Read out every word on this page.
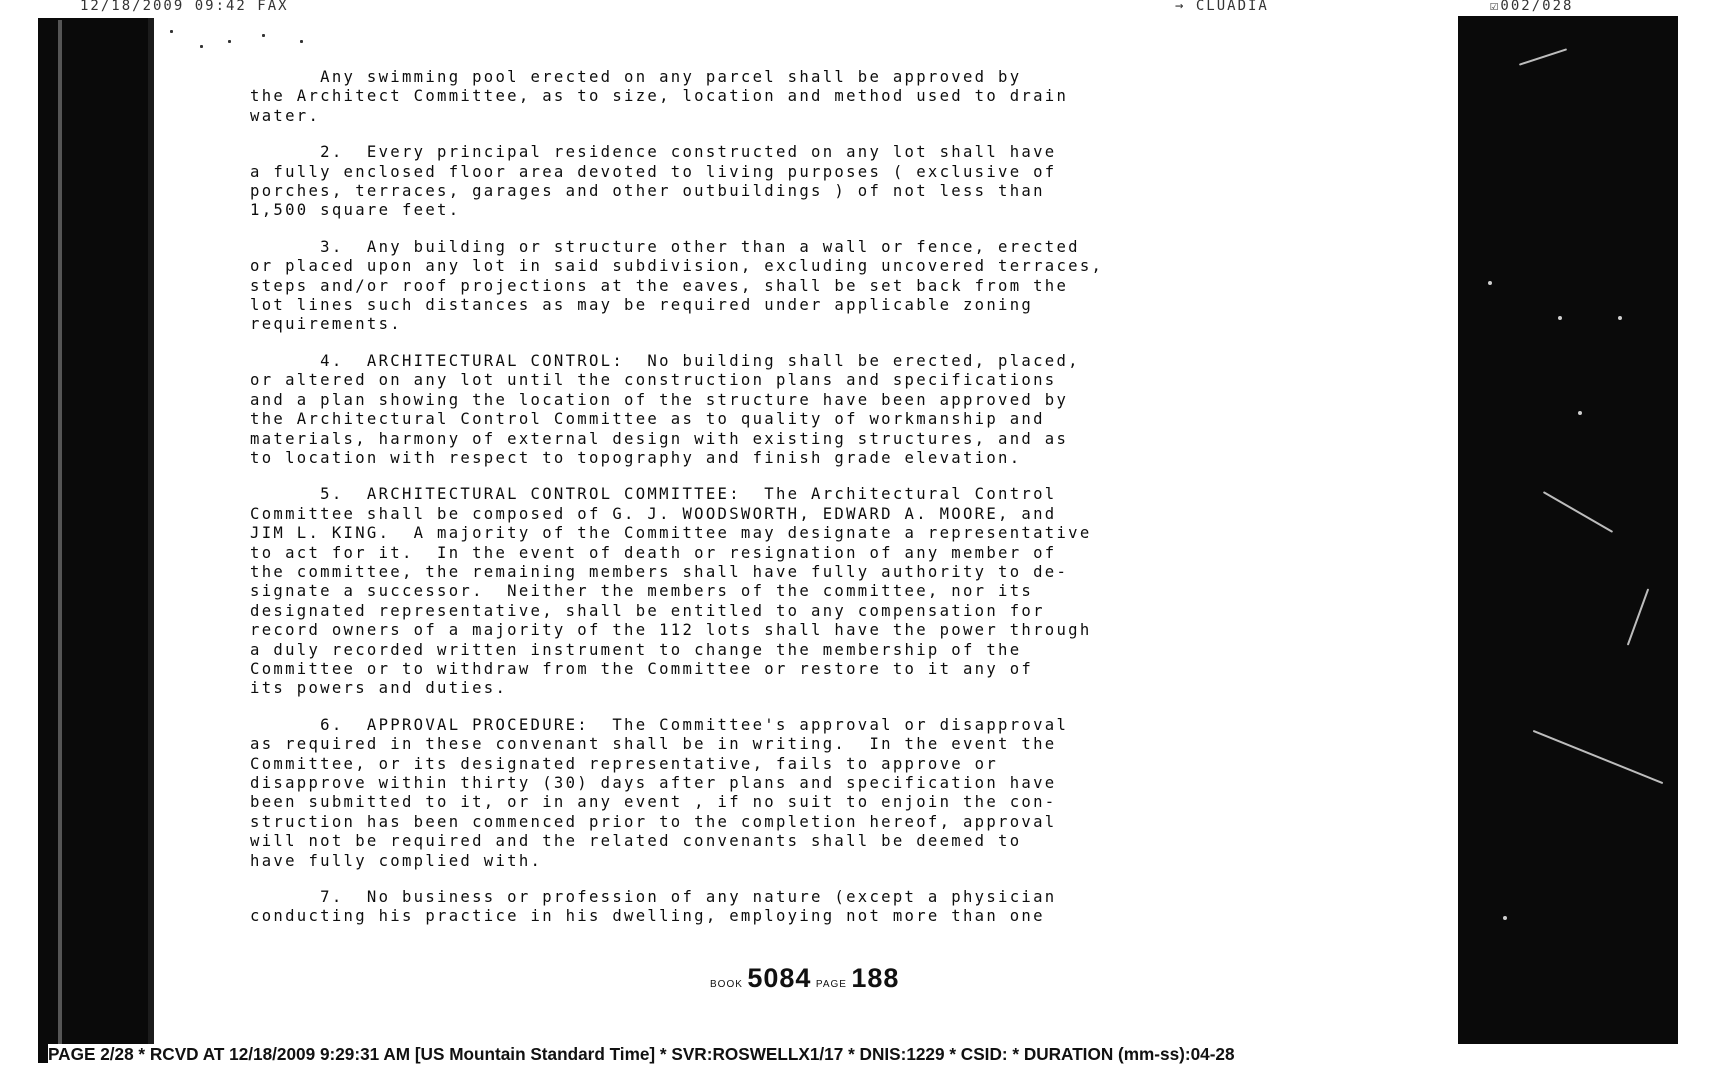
12/18/2009 09:42 FAX	→ CLUADIA	☑002/028

Any swimming pool erected on any parcel shall be approved by
the Architect Committee, as to size, location and method used to drain
water.

2.  Every principal residence constructed on any lot shall have
a fully enclosed floor area devoted to living purposes ( exclusive of
porches, terraces, garages and other outbuildings ) of not less than
1,500 square feet.

3.  Any building or structure other than a wall or fence, erected
or placed upon any lot in said subdivision, excluding uncovered terraces,
steps and/or roof projections at the eaves, shall be set back from the
lot lines such distances as may be required under applicable zoning
requirements.

4.  ARCHITECTURAL CONTROL:  No building shall be erected, placed,
or altered on any lot until the construction plans and specifications
and a plan showing the location of the structure have been approved by
the Architectural Control Committee as to quality of workmanship and
materials, harmony of external design with existing structures, and as
to location with respect to topography and finish grade elevation.

5.  ARCHITECTURAL CONTROL COMMITTEE:  The Architectural Control
Committee shall be composed of G. J. WOODSWORTH, EDWARD A. MOORE, and
JIM L. KING.  A majority of the Committee may designate a representative
to act for it.  In the event of death or resignation of any member of
the committee, the remaining members shall have fully authority to de-
signate a successor.  Neither the members of the committee, nor its
designated representative, shall be entitled to any compensation for
record owners of a majority of the 112 lots shall have the power through
a duly recorded written instrument to change the membership of the
Committee or to withdraw from the Committee or restore to it any of
its powers and duties.

6.  APPROVAL PROCEDURE:  The Committee's approval or disapproval
as required in these convenant shall be in writing.  In the event the
Committee, or its designated representative, fails to approve or
disapprove within thirty (30) days after plans and specification have
been submitted to it, or in any event , if no suit to enjoin the con-
struction has been commenced prior to the completion hereof, approval
will not be required and the related convenants shall be deemed to
have fully complied with.

7.  No business or profession of any nature (except a physician
conducting his practice in his dwelling, employing not more than one

BOOK 5084 PAGE 188
PAGE 2/28 * RCVD AT 12/18/2009 9:29:31 AM [US Mountain Standard Time] * SVR:ROSWELLX1/17 * DNIS:1229 * CSID: * DURATION (mm-ss):04-28
